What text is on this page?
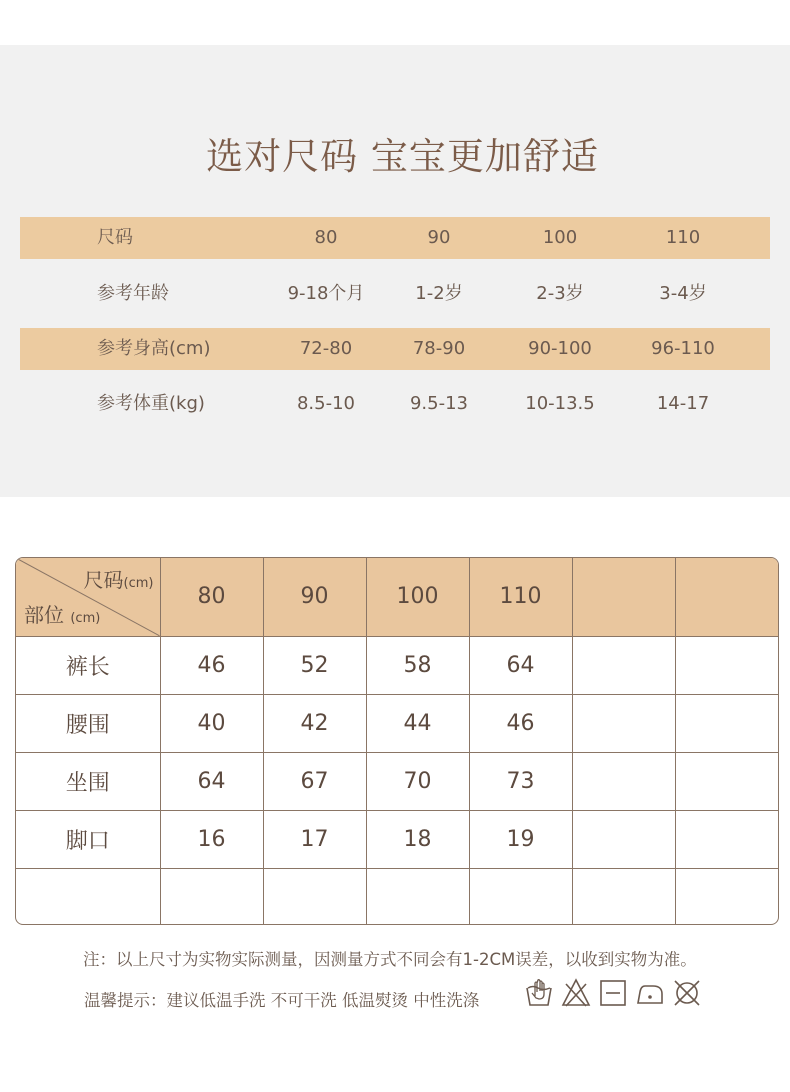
选对尺码 宝宝更加舒适
尺码	80	90	100	110
参考年龄	9-18个月	1-2岁	2-3岁	3-4岁
参考身高(cm)	72-80	78-90	90-100	96-110
参考体重(kg)	8.5-10	9.5-13	10-13.5	14-17
尺码(cm)
部位 (cm)	80	90	100	110		
裤长	46	52	58	64		
腰围	40	42	44	46		
坐围	64	67	70	73		
脚口	16	17	18	19		

注：以上尺寸为实物实际测量，因测量方式不同会有1-2CM误差，以收到实物为准。
温馨提示：建议低温手洗 不可干洗 低温熨烫 中性洗涤
